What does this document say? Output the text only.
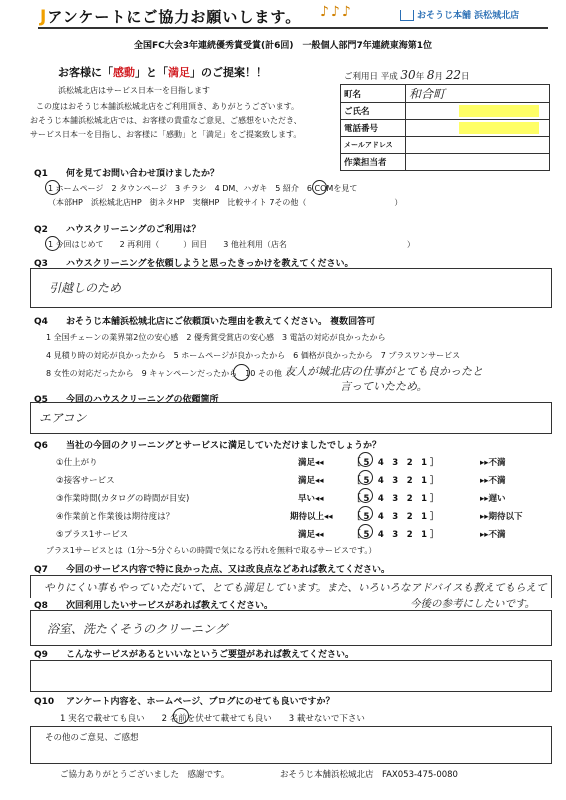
Jアンケートにご協力お願いします。 ♪♪♪	おそうじ本舗 浜松城北店
全国FC大会3年連続優秀賞受賞(計6回)　一般個人部門7年連続東海第1位
お客様に「感動」と「満足」のご提案！！
浜松城北店はサービス日本一を目指します
この度はおそうじ本舗浜松城北店をご利用頂き、ありがとうございます。
おそうじ本舗浜松城北店では、お客様の貴重なご意見、ご感想をいただき、
サービス日本一を目指し、お客様に「感動」と「満足」をご提案致します。
ご利用日 平成 30年 8月 22日
町名	和合町
ご氏名	

電話番号	

メールアドレス	
作業担当者	
Q1 何を見てお問い合わせ頂けましたか？
1 ホームページ　2 タウンページ　3 チラシ　4 DM、ハガキ　5 紹介　6 COMを見て
（本部HP　浜松城北店HP　街ネタHP　実穣HP　比較サイト 7その他（　　　　　　　　　　　）
Q2 ハウスクリーニングのご利用は？
1 今回はじめて　　2 再利用（　　　）回目　　3 他社利用（店名　　　　　　　　　　　　　　　）
Q3 ハウスクリーニングを依頼しようと思ったきっかけを教えてください。
引越しのため
Q4 おそうじ本舗浜松城北店にご依頼頂いた理由を教えてください。 複数回答可
1 全国チェーンの業界第2位の安心感　2 優秀賞受賞店の安心感　3 電話の対応が良かったから
4 見積り時の対応が良かったから　5 ホームページが良かったから　6 価格が良かったから　7 プラスワンサービス
8 女性の対応だったから　9 キャンペーンだったから　10 その他（
友人が城北店の仕事がとても良かったと
言っていたため。
Q5 今回のハウスクリーニングの依頼箇所
エアコン
Q6 当社の今回のクリーニングとサービスに満足していただけましたでしょうか？
①仕上がり	満足◂◂	［ 5　4　3　2　1 ］	▸▸不満
②接客サービス	満足◂◂	［ 5　4　3　2　1 ］	▸▸不満
③作業時間(カタログの時間が目安)	早い◂◂	［ 5　4　3　2　1 ］	▸▸遅い
④作業前と作業後は期待度は？	期待以上◂◂ ［ 5　4　3　2　1 ］	▸▸期待以下
⑤プラス1サービス	満足◂◂	［ 5　4　3　2　1 ］	▸▸不満
プラス1サービスとは（1分～5分ぐらいの時間で気になる汚れを無料で取るサービスです。）
Q7 今回のサービス内容で特に良かった点、又は改良点などあれば教えてください。
やりにくい事もやっていただいて、とても満足しています。また、いろいろなアドバイスも教えてもらえて
今後の参考にしたいです。
Q8 次回利用したいサービスがあれば教えてください。
浴室、洗たくそうのクリーニング
Q9 こんなサービスがあるといいなというご要望があれば教えてください。
Q10 アンケート内容を、ホームページ、ブログにのせても良いですか？
1 実名で載せても良い　　2 名前を伏せて載せても良い　　3 載せないで下さい
その他のご意見、ご感想
ご協力ありがとうございました　感謝です。	おそうじ本舗浜松城北店　FAX053-475-0080
